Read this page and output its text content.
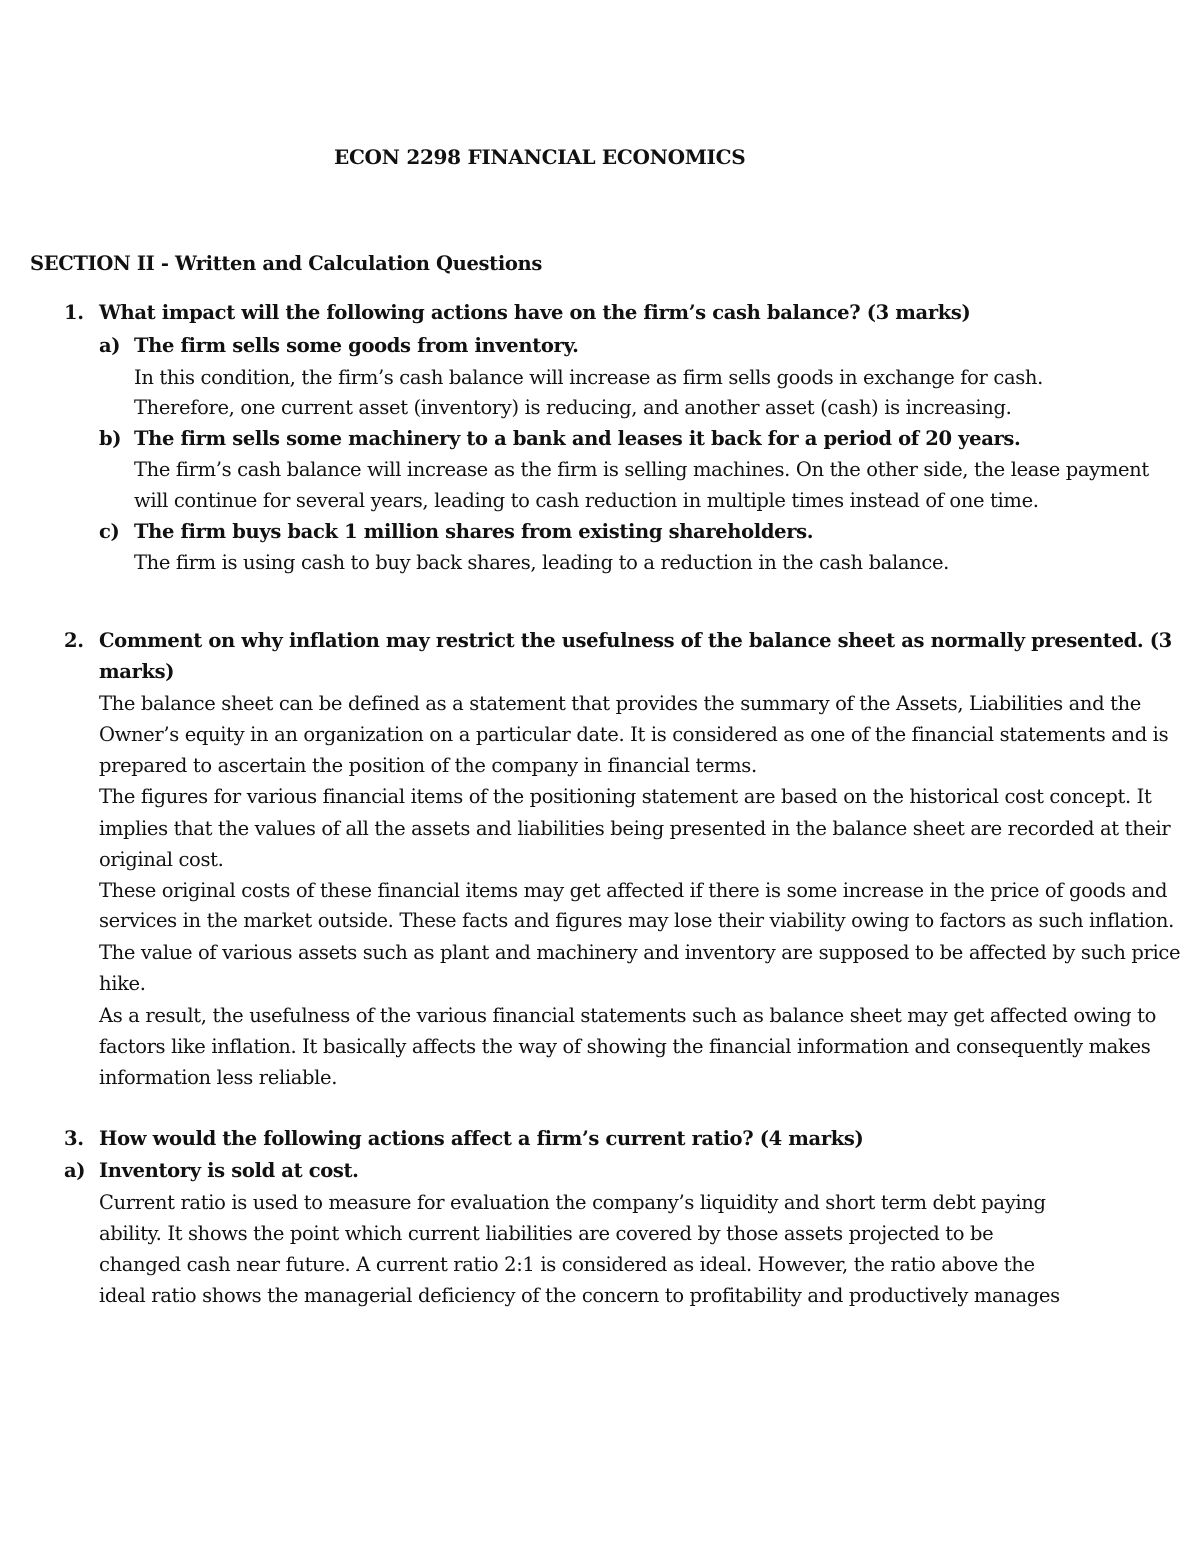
ECON 2298 FINANCIAL ECONOMICS
SECTION II - Written and Calculation Questions
1. What impact will the following actions have on the firm’s cash balance? (3 marks)
a) The firm sells some goods from inventory.
In this condition, the firm’s cash balance will increase as firm sells goods in exchange for cash.
Therefore, one current asset (inventory) is reducing, and another asset (cash) is increasing.
b) The firm sells some machinery to a bank and leases it back for a period of 20 years.
The firm’s cash balance will increase as the firm is selling machines. On the other side, the lease payment
will continue for several years, leading to cash reduction in multiple times instead of one time.
c) The firm buys back 1 million shares from existing shareholders.
The firm is using cash to buy back shares, leading to a reduction in the cash balance.
2. Comment on why inflation may restrict the usefulness of the balance sheet as normally presented. (3
marks)
The balance sheet can be defined as a statement that provides the summary of the Assets, Liabilities and the
Owner’s equity in an organization on a particular date. It is considered as one of the financial statements and is
prepared to ascertain the position of the company in financial terms.
The figures for various financial items of the positioning statement are based on the historical cost concept. It
implies that the values of all the assets and liabilities being presented in the balance sheet are recorded at their
original cost.
These original costs of these financial items may get affected if there is some increase in the price of goods and
services in the market outside. These facts and figures may lose their viability owing to factors as such inflation.
The value of various assets such as plant and machinery and inventory are supposed to be affected by such price
hike.
As a result, the usefulness of the various financial statements such as balance sheet may get affected owing to
factors like inflation. It basically affects the way of showing the financial information and consequently makes
information less reliable.
3. How would the following actions affect a firm’s current ratio? (4 marks)
a) Inventory is sold at cost.
Current ratio is used to measure for evaluation the company’s liquidity and short term debt paying
ability. It shows the point which current liabilities are covered by those assets projected to be
changed cash near future. A current ratio 2:1 is considered as ideal. However, the ratio above the
ideal ratio shows the managerial deficiency of the concern to profitability and productively manages
